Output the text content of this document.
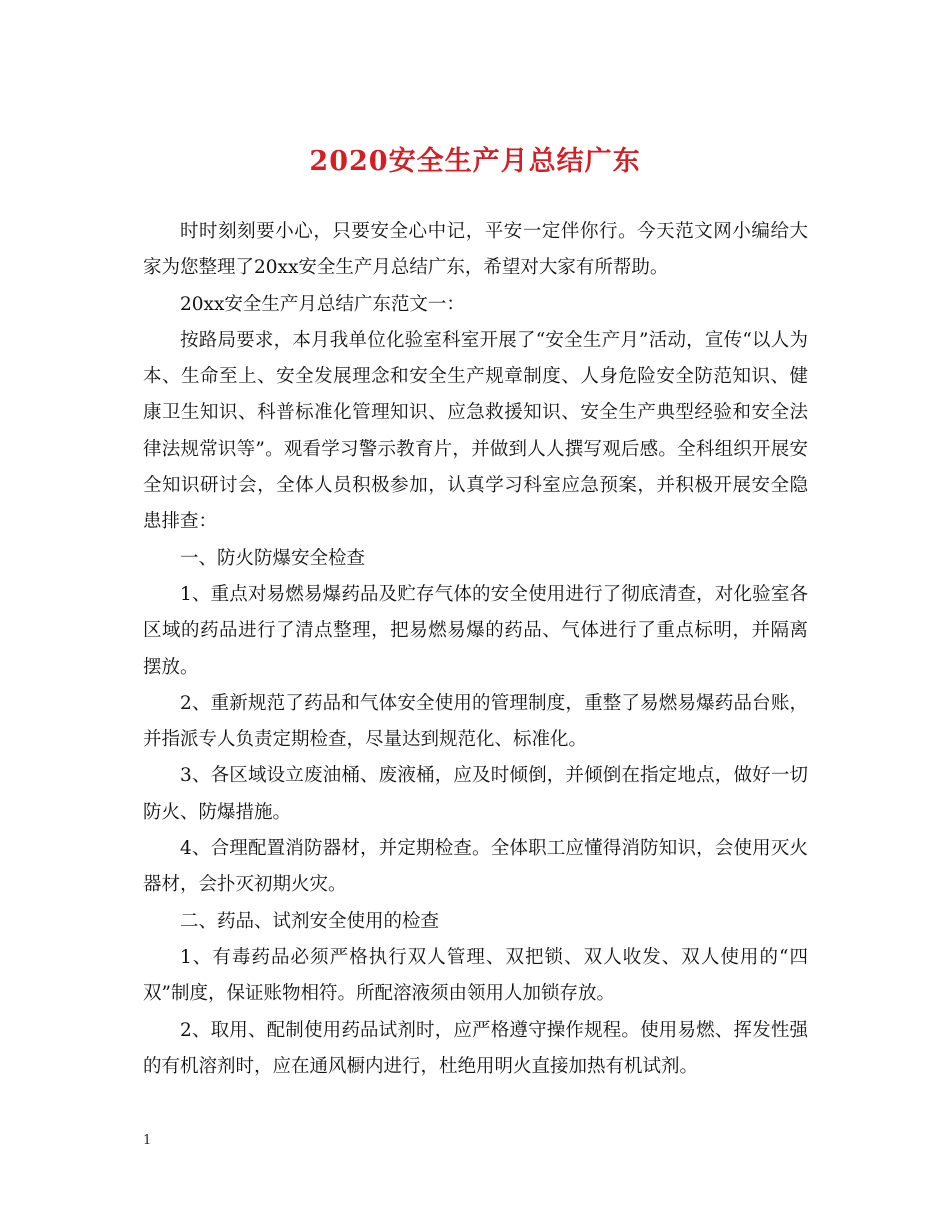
2020安全生产月总结广东

时时刻刻要小心，只要安全心中记，平安一定伴你行。今天范文网小编给大家为您整理了20xx安全生产月总结广东，希望对大家有所帮助。

20xx安全生产月总结广东范文一：

按路局要求，本月我单位化验室科室开展了“安全生产月”活动，宣传“以人为本、生命至上、安全发展理念和安全生产规章制度、人身危险安全防范知识、健康卫生知识、科普标准化管理知识、应急救援知识、安全生产典型经验和安全法律法规常识等”。观看学习警示教育片，并做到人人撰写观后感。全科组织开展安全知识研讨会，全体人员积极参加，认真学习科室应急预案，并积极开展安全隐患排查：

一、防火防爆安全检查

1、重点对易燃易爆药品及贮存气体的安全使用进行了彻底清查，对化验室各区域的药品进行了清点整理，把易燃易爆的药品、气体进行了重点标明，并隔离摆放。

2、重新规范了药品和气体安全使用的管理制度，重整了易燃易爆药品台账，并指派专人负责定期检查，尽量达到规范化、标准化。

3、各区域设立废油桶、废液桶，应及时倾倒，并倾倒在指定地点，做好一切防火、防爆措施。

4、合理配置消防器材，并定期检查。全体职工应懂得消防知识，会使用灭火器材，会扑灭初期火灾。

二、药品、试剂安全使用的检查

1、有毒药品必须严格执行双人管理、双把锁、双人收发、双人使用的“四双”制度，保证账物相符。所配溶液须由领用人加锁存放。

2、取用、配制使用药品试剂时，应严格遵守操作规程。使用易燃、挥发性强的有机溶剂时，应在通风橱内进行，杜绝用明火直接加热有机试剂。

1
